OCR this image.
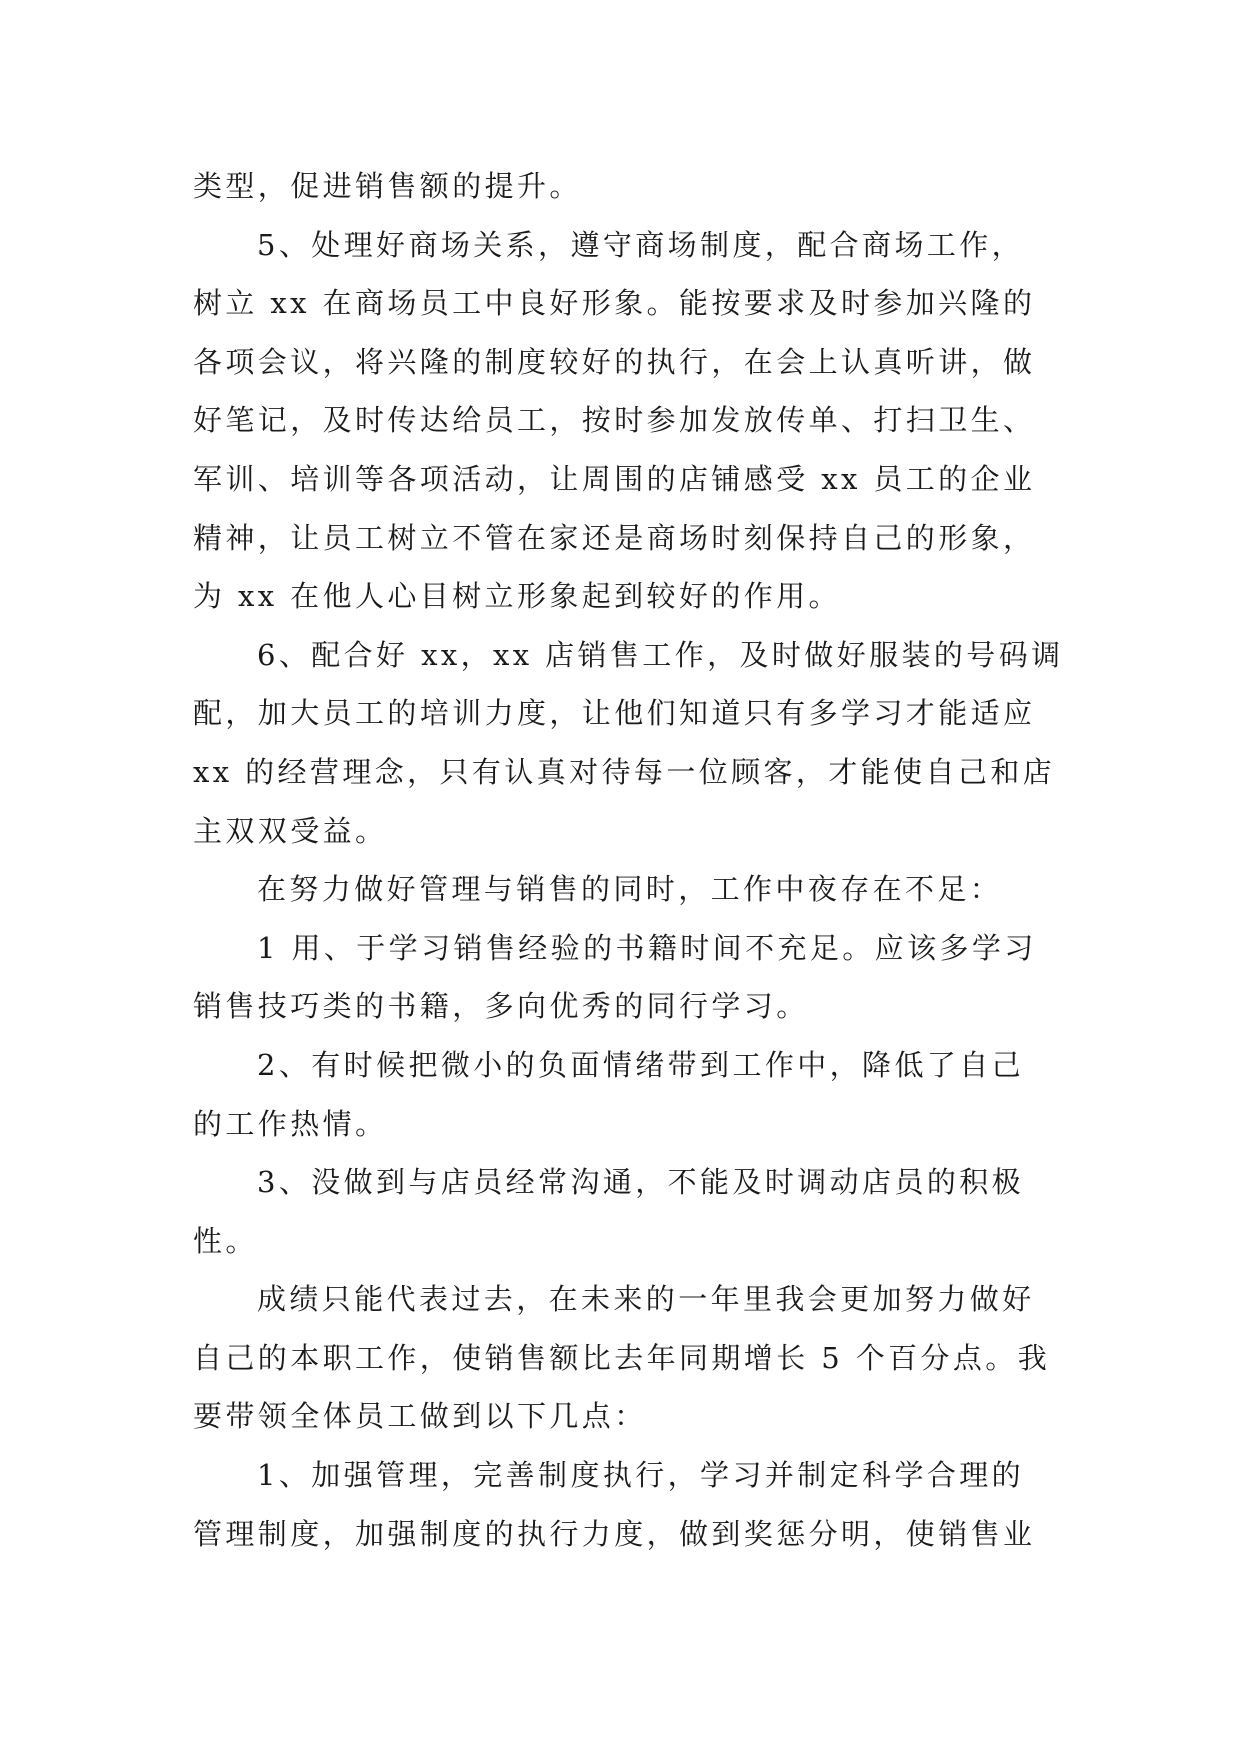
类型，促进销售额的提升。
5、处理好商场关系，遵守商场制度，配合商场工作，
树立 xx 在商场员工中良好形象。能按要求及时参加兴隆的
各项会议，将兴隆的制度较好的执行，在会上认真听讲，做
好笔记，及时传达给员工，按时参加发放传单、打扫卫生、
军训、培训等各项活动，让周围的店铺感受 xx 员工的企业
精神，让员工树立不管在家还是商场时刻保持自己的形象，
为 xx 在他人心目树立形象起到较好的作用。
6、配合好 xx，xx 店销售工作，及时做好服装的号码调
配，加大员工的培训力度，让他们知道只有多学习才能适应
xx 的经营理念，只有认真对待每一位顾客，才能使自己和店
主双双受益。
在努力做好管理与销售的同时，工作中夜存在不足：
1 用、于学习销售经验的书籍时间不充足。应该多学习
销售技巧类的书籍，多向优秀的同行学习。
2、有时候把微小的负面情绪带到工作中，降低了自己
的工作热情。
3、没做到与店员经常沟通，不能及时调动店员的积极
性。
成绩只能代表过去，在未来的一年里我会更加努力做好
自己的本职工作，使销售额比去年同期增长 5 个百分点。我
要带领全体员工做到以下几点：
1、加强管理，完善制度执行，学习并制定科学合理的
管理制度，加强制度的执行力度，做到奖惩分明，使销售业
